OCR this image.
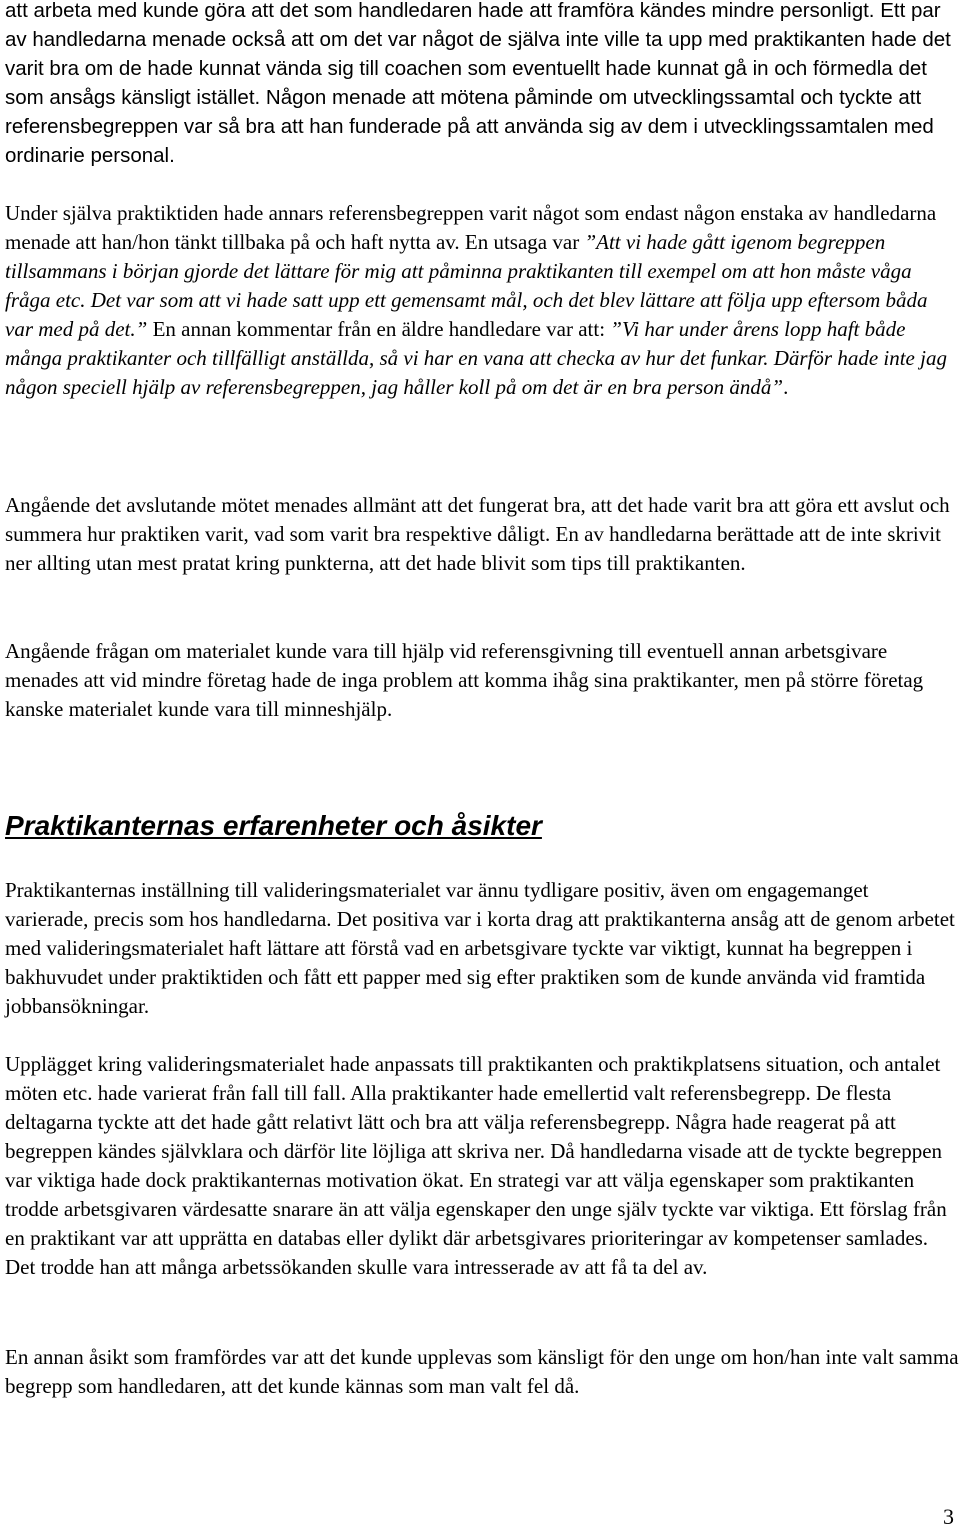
att arbeta med kunde göra att det som handledaren hade att framföra kändes mindre personligt. Ett par av handledarna menade också att om det var något de själva inte ville ta upp med praktikanten hade det varit bra om de hade kunnat vända sig till coachen som eventuellt hade kunnat gå in och förmedla det som ansågs känsligt istället. Någon menade att mötena påminde om utvecklingssamtal och tyckte att referensbegreppen var så bra att han funderade på att använda sig av dem i utvecklingssamtalen med ordinarie personal.

Under själva praktiktiden hade annars referensbegreppen varit något som endast någon enstaka av handledarna menade att han/hon tänkt tillbaka på och haft nytta av. En utsaga var ”Att vi hade gått igenom begreppen tillsammans i början gjorde det lättare för mig att påminna praktikanten till exempel om att hon måste våga fråga etc. Det var som att vi hade satt upp ett gemensamt mål, och det blev lättare att följa upp eftersom båda var med på det.” En annan kommentar från en äldre handledare var att: ”Vi har under årens lopp haft både många praktikanter och tillfälligt anställda, så vi har en vana att checka av hur det funkar. Därför hade inte jag någon speciell hjälp av referensbegreppen, jag håller koll på om det är en bra person ändå”.

Angående det avslutande mötet menades allmänt att det fungerat bra, att det hade varit bra att göra ett avslut och summera hur praktiken varit, vad som varit bra respektive dåligt. En av handledarna berättade att de inte skrivit ner allting utan mest pratat kring punkterna, att det hade blivit som tips till praktikanten.

Angående frågan om materialet kunde vara till hjälp vid referensgivning till eventuell annan arbetsgivare menades att vid mindre företag hade de inga problem att komma ihåg sina praktikanter, men på större företag kanske materialet kunde vara till minneshjälp.

Praktikanternas erfarenheter och åsikter

Praktikanternas inställning till valideringsmaterialet var ännu tydligare positiv, även om engagemanget varierade, precis som hos handledarna. Det positiva var i korta drag att praktikanterna ansåg att de genom arbetet med valideringsmaterialet haft lättare att förstå vad en arbetsgivare tyckte var viktigt, kunnat ha begreppen i bakhuvudet under praktiktiden och fått ett papper med sig efter praktiken som de kunde använda vid framtida jobbansökningar.

Upplägget kring valideringsmaterialet hade anpassats till praktikanten och praktikplatsens situation, och antalet möten etc. hade varierat från fall till fall. Alla praktikanter hade emellertid valt referensbegrepp. De flesta deltagarna tyckte att det hade gått relativt lätt och bra att välja referensbegrepp. Några hade reagerat på att begreppen kändes självklara och därför lite löjliga att skriva ner. Då handledarna visade att de tyckte begreppen var viktiga hade dock praktikanternas motivation ökat. En strategi var att välja egenskaper som praktikanten trodde arbetsgivaren värdesatte snarare än att välja egenskaper den unge själv tyckte var viktiga. Ett förslag från en praktikant var att upprätta en databas eller dylikt där arbetsgivares prioriteringar av kompetenser samlades. Det trodde han att många arbetssökanden skulle vara intresserade av att få ta del av.

En annan åsikt som framfördes var att det kunde upplevas som känsligt för den unge om hon/han inte valt samma begrepp som handledaren, att det kunde kännas som man valt fel då.

3
